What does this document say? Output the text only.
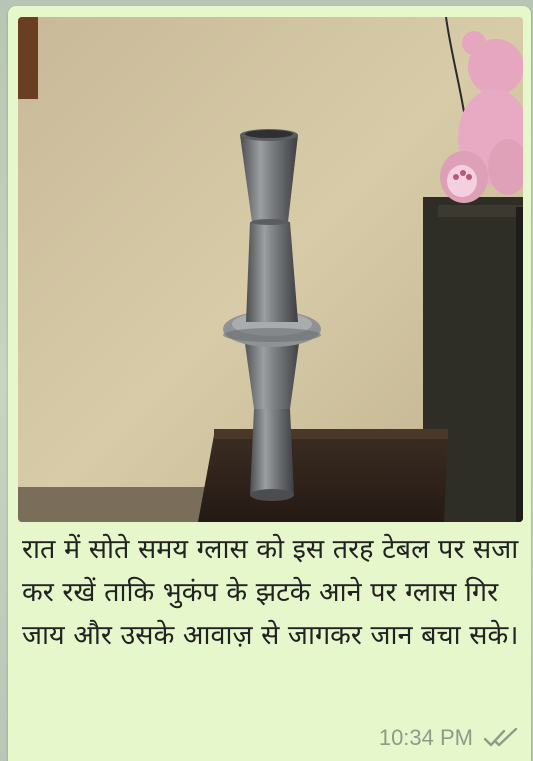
रात में सोते समय ग्लास को इस तरह टेबल पर सजा कर रखें ताकि भुकंप के झटके आने पर ग्लास गिर जाय और उसके आवाज़ से जागकर जान बचा सके।

10:34 PM
